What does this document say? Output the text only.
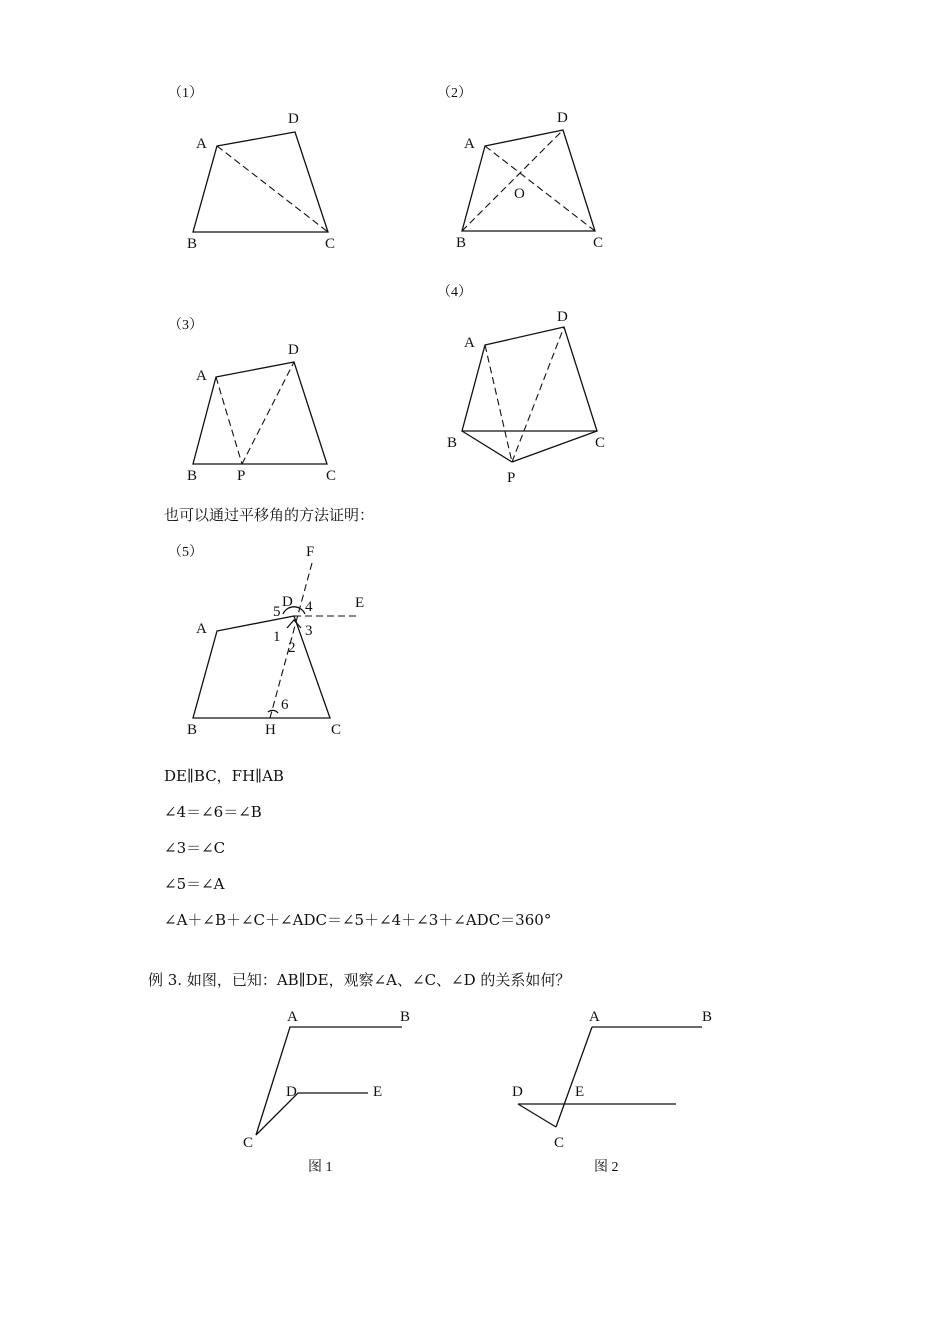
（1）
A
D
B	C
（2）
A
D
O
B	C
（3）
A
D
B	P	C
（4）
A
D
B	C
P
（5）	F
E
D
5 4
1 3
2
6
A
B	H	C
A	B
D	E
C
图 1
A	B
D	E
C
图 2
也可以通过平移角的方法证明：
DE∥BC，FH∥AB
∠4＝∠6＝∠B
∠3＝∠C
∠5＝∠A
∠A＋∠B＋∠C＋∠ADC＝∠5＋∠4＋∠3＋∠ADC＝360°
例 3. 如图，已知：AB∥DE，观察∠A、∠C、∠D 的关系如何？
